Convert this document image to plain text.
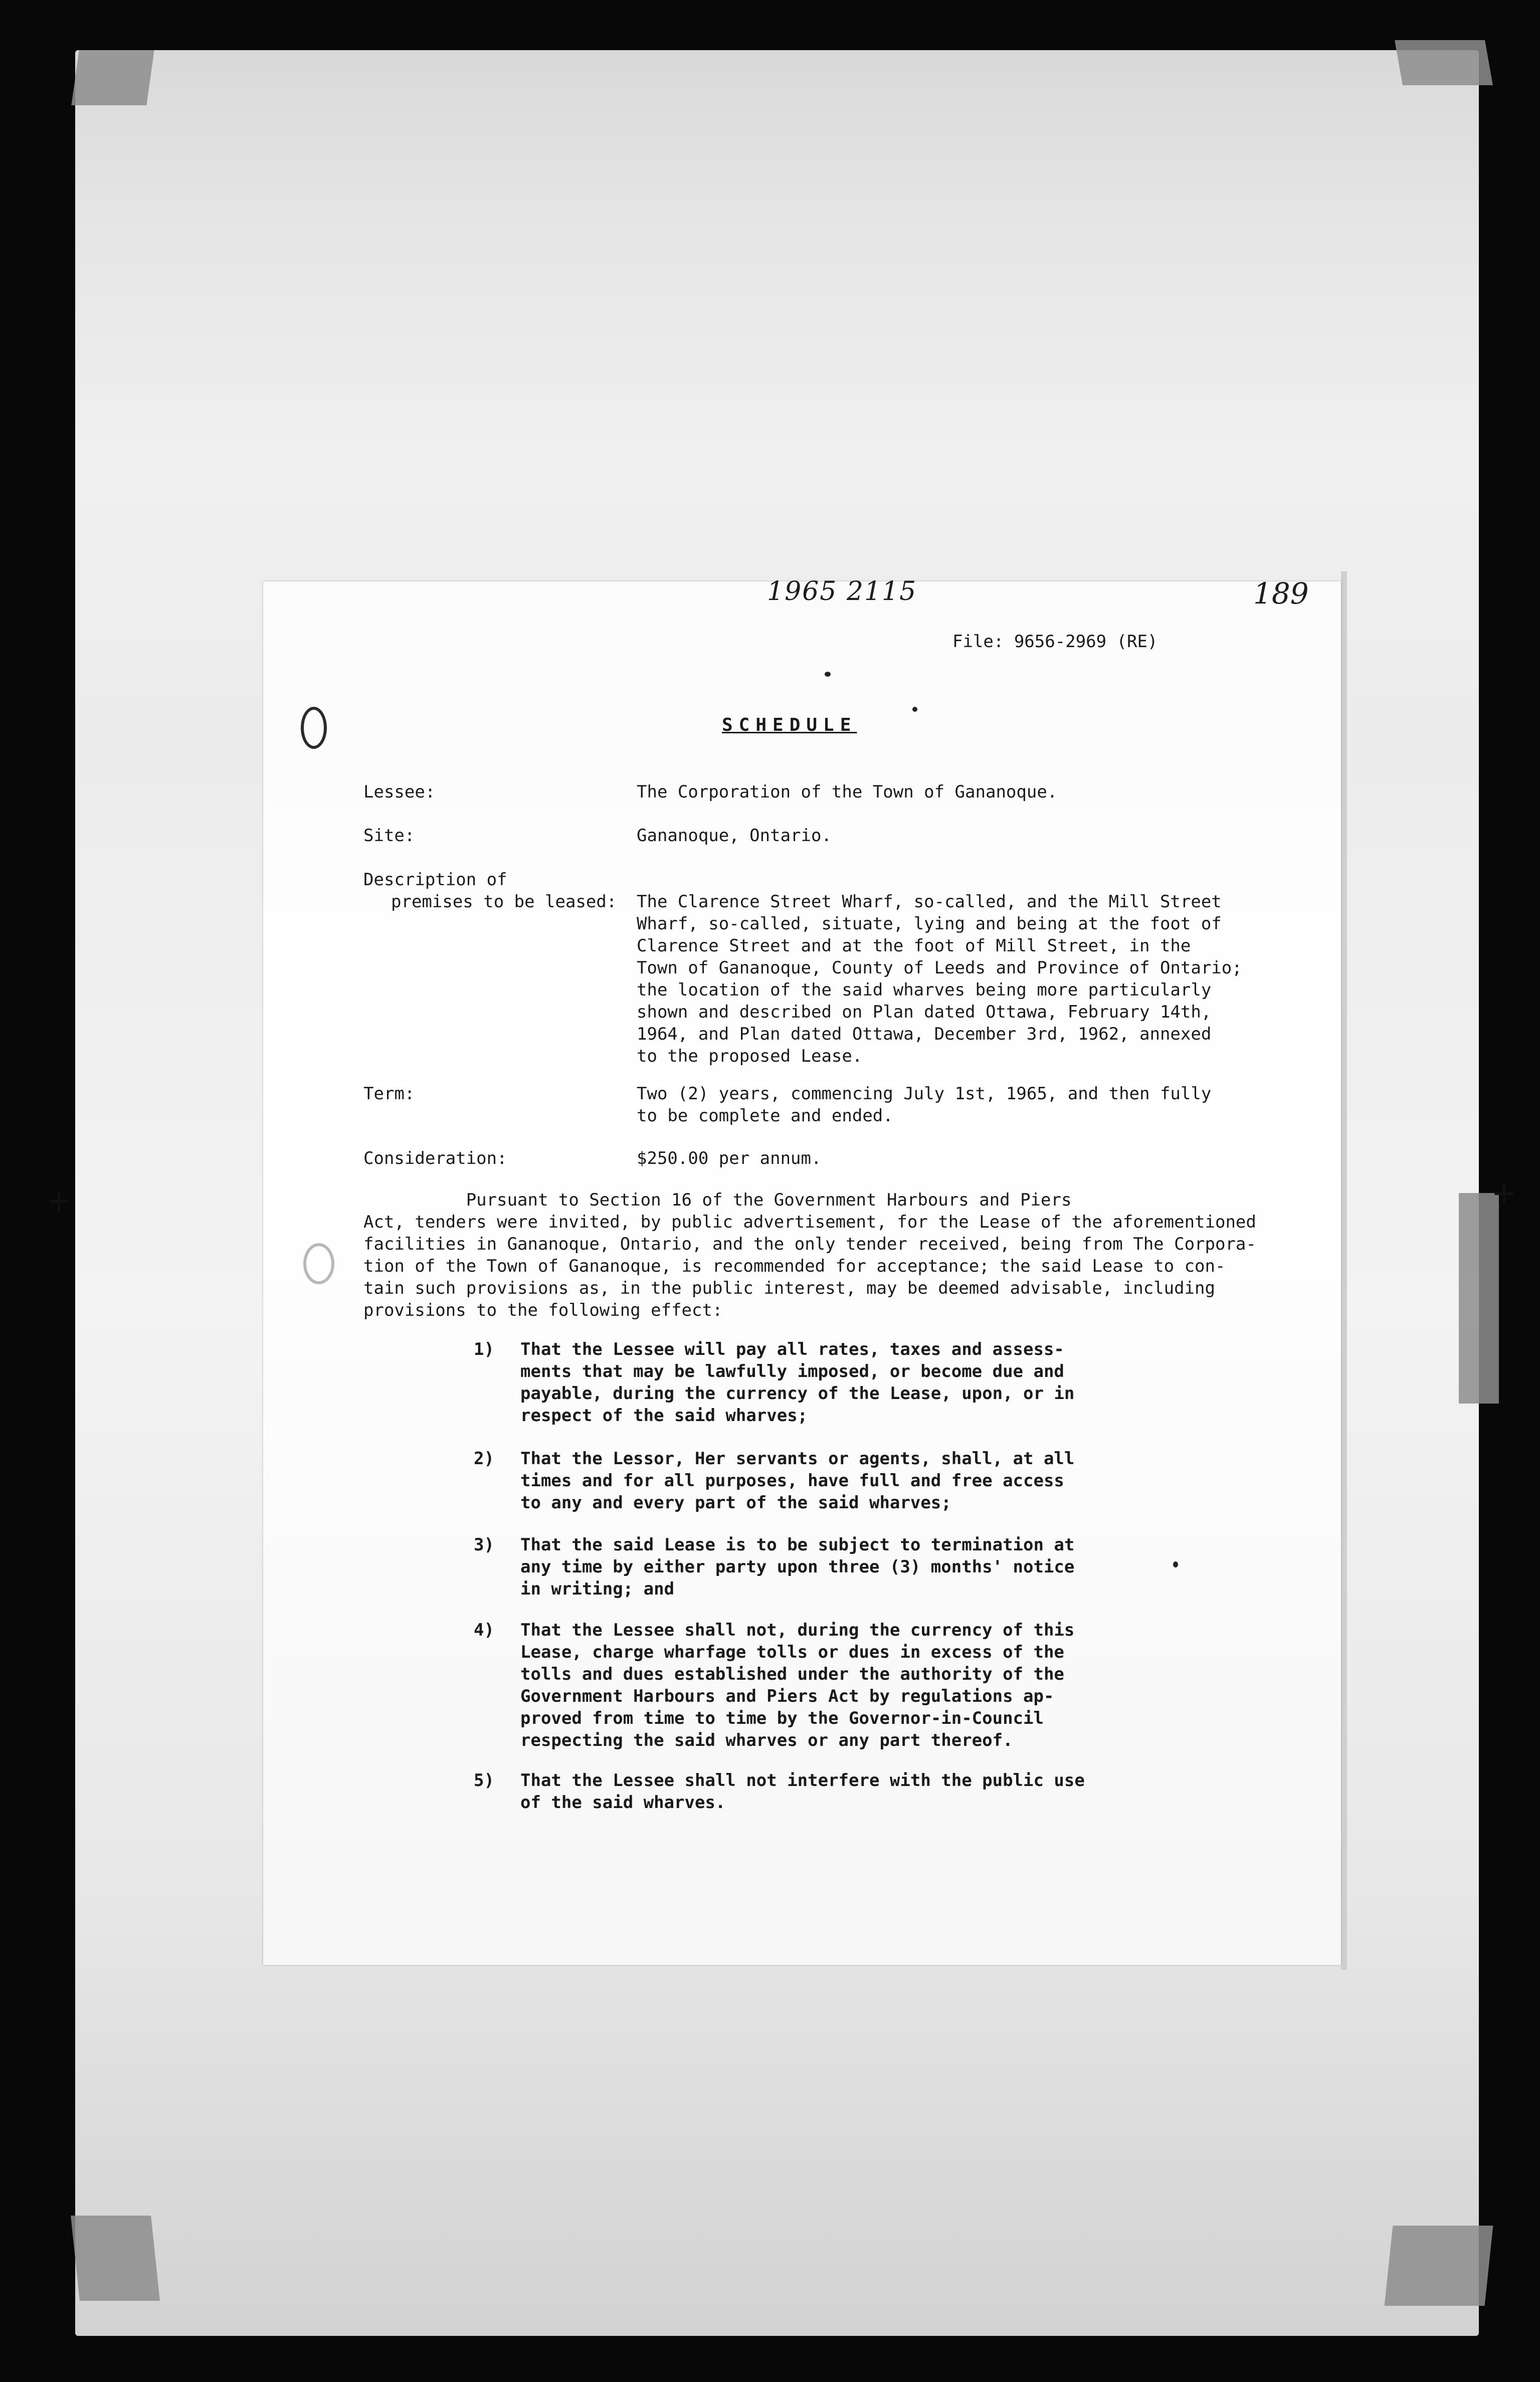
+	+
1965 2115	189
File: 9656-2969 (RE)
SCHEDULE
Lessee:	The Corporation of the Town of Gananoque.
Site:	Gananoque, Ontario.
Description of
premises to be leased: The Clarence Street Wharf, so-called, and the Mill Street
Wharf, so-called, situate, lying and being at the foot of
Clarence Street and at the foot of Mill Street, in the
Town of Gananoque, County of Leeds and Province of Ontario;
the location of the said wharves being more particularly
shown and described on Plan dated Ottawa, February 14th,
1964, and Plan dated Ottawa, December 3rd, 1962, annexed
to the proposed Lease.
Term:	Two (2) years, commencing July 1st, 1965, and then fully
to be complete and ended.
Consideration:	$250.00 per annum.
Pursuant to Section 16 of the Government Harbours and Piers
Act, tenders were invited, by public advertisement, for the Lease of the aforementioned
facilities in Gananoque, Ontario, and the only tender received, being from The Corpora-
tion of the Town of Gananoque, is recommended for acceptance; the said Lease to con-
tain such provisions as, in the public interest, may be deemed advisable, including
provisions to the following effect:
1) That the Lessee will pay all rates, taxes and assess-
ments that may be lawfully imposed, or become due and
payable, during the currency of the Lease, upon, or in
respect of the said wharves;
2) That the Lessor, Her servants or agents, shall, at all
times and for all purposes, have full and free access
to any and every part of the said wharves;
3) That the said Lease is to be subject to termination at
any time by either party upon three (3) months' notice
in writing; and
4) That the Lessee shall not, during the currency of this
Lease, charge wharfage tolls or dues in excess of the
tolls and dues established under the authority of the
Government Harbours and Piers Act by regulations ap-
proved from time to time by the Governor-in-Council
respecting the said wharves or any part thereof.
5) That the Lessee shall not interfere with the public use
of the said wharves.
